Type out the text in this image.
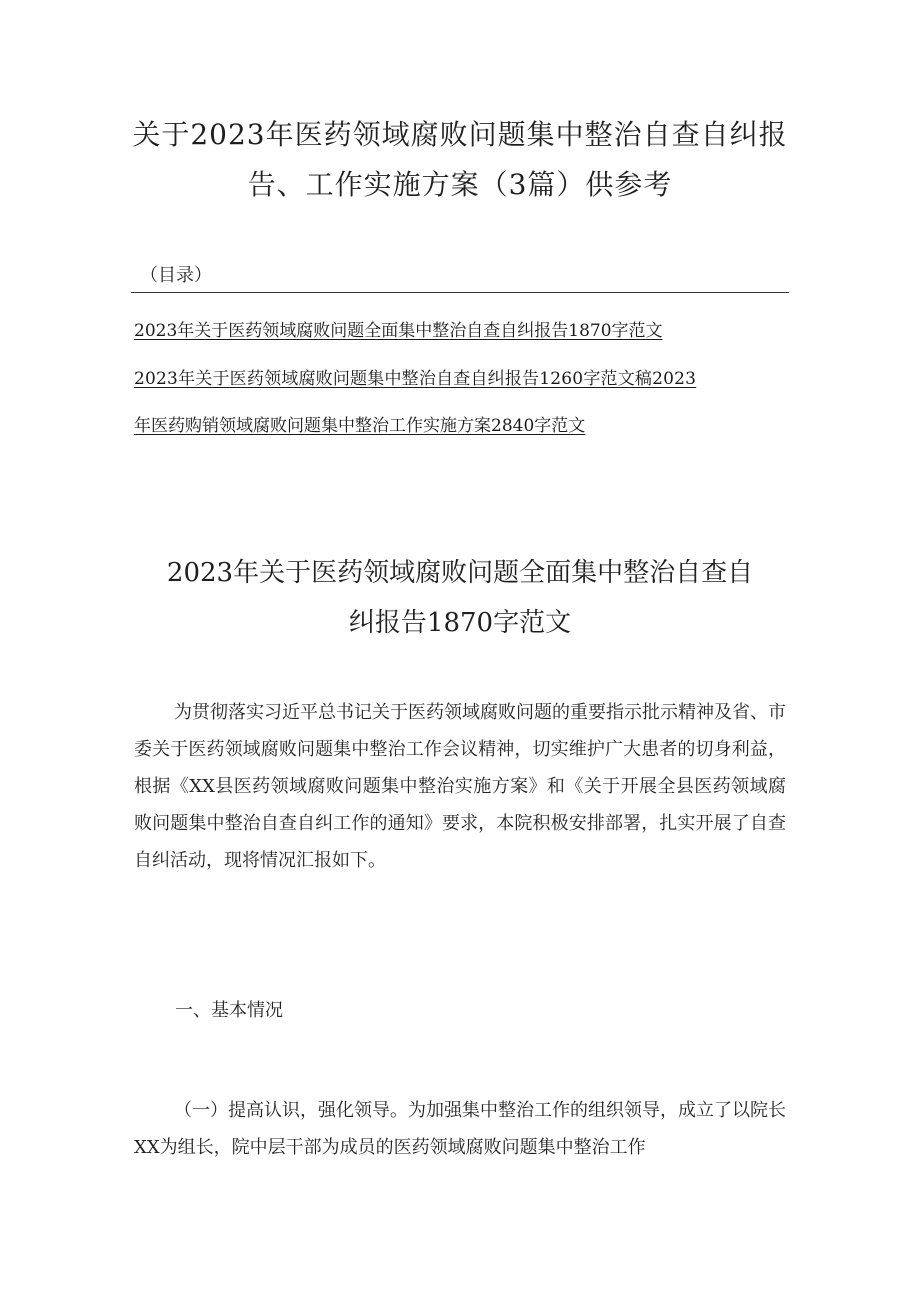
关于2023年医药领域腐败问题集中整治自查自纠报
告、工作实施方案（3篇）供参考
（目录）
2023年关于医药领域腐败问题全面集中整治自查自纠报告1870字范文
2023年关于医药领域腐败问题集中整治自查自纠报告1260字范文稿2023
年医药购销领域腐败问题集中整治工作实施方案2840字范文
2023年关于医药领域腐败问题全面集中整治自查自
纠报告1870字范文
为贯彻落实习近平总书记关于医药领域腐败问题的重要指示批示精神及省、市委关于医药领域腐败问题集中整治工作会议精神，切实维护广大患者的切身利益，根据《XX县医药领域腐败问题集中整治实施方案》和《关于开展全县医药领域腐败问题集中整治自查自纠工作的通知》要求，本院积极安排部署，扎实开展了自查自纠活动，现将情况汇报如下。
一、基本情况
（一）提高认识，强化领导。为加强集中整治工作的组织领导，成立了以院长XX为组长，院中层干部为成员的医药领域腐败问题集中整治工作
